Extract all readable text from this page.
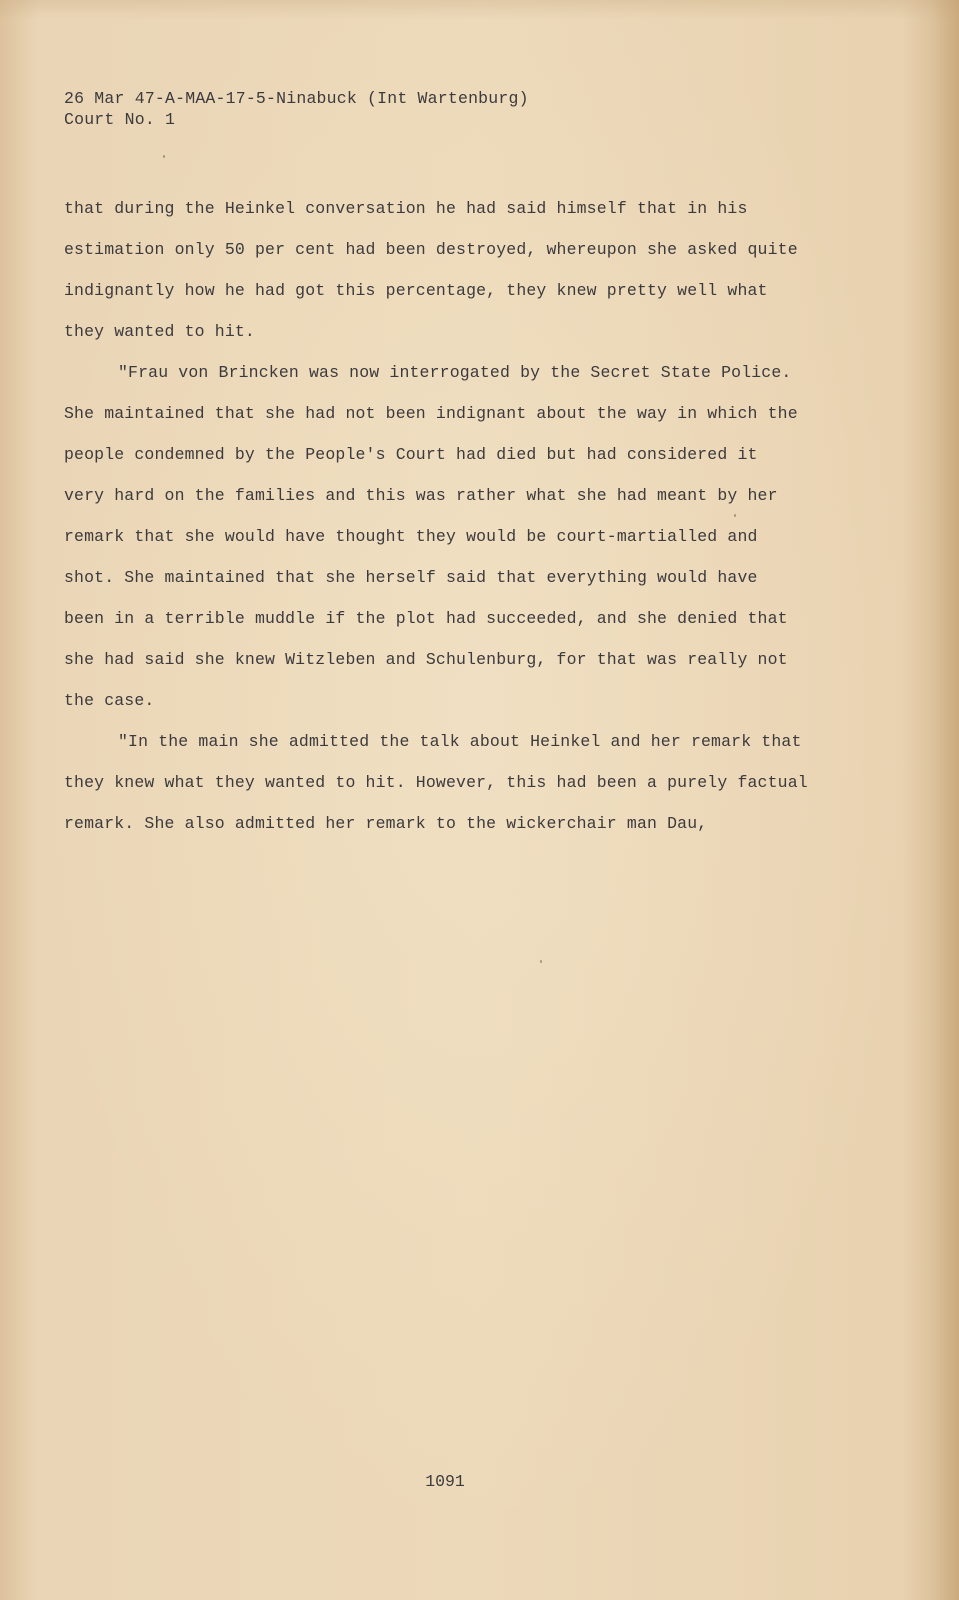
26 Mar 47-A-MAA-17-5-Ninabuck (Int Wartenburg)
Court No. 1
that during the Heinkel conversation he had said himself that in his
estimation only 50 per cent had been destroyed, whereupon she asked quite
indignantly how he had got this percentage, they knew pretty well what
they wanted to hit.
"Frau von Brincken was now interrogated by the Secret State Police.
She maintained that she had not been indignant about the way in which the
people condemned by the People's Court had died but had considered it
very hard on the families and this was rather what she had meant by her
remark that she would have thought they would be court-martialled and
shot. She maintained that she herself said that everything would have
been in a terrible muddle if the plot had succeeded, and she denied that
she had said she knew Witzleben and Schulenburg, for that was really not
the case.
"In the main she admitted the talk about Heinkel and her remark that
they knew what they wanted to hit. However, this had been a purely factual
remark. She also admitted her remark to the wickerchair man Dau,
1091
